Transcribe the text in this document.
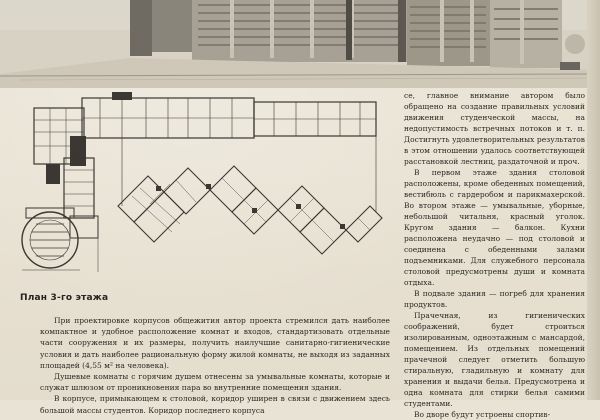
План 3-го этажа

се, главное внимание автором было обращено на создание правильных условий движения студенческой массы, на недопустимость встречных потоков и т. п. Достигнуть удовлетворительных результатов в этом отношении удалось соответствующей расстановкой лестниц, раздаточной и проч.

В первом этаже здания столовой расположены, кроме обеденных помещений, вестибюль с гардеробом и парикмахерской. Во втором этаже — умывальные, уборные, небольшой читальня, красный уголок. Кругом здания — балкон. Кухни расположена неудачно — под столовой и соединена с обеденными залами подъемниками. Для служебного персонала столовой предусмотрены души и комната отдыха.

В подвале здания — погреб для хранения продуктов.

Прачечная, из гигиенических соображений, будет строиться изолированным, одноэтажным с мансардой, помещением. Из отдельных помещений прачечной следует отметить большую стиральную, гладильную и комнату для хранения и выдачи белья. Предусмотрена и одна комната для стирки белья самими студентами.

Во дворе будут устроены спортив-

При проектировке корпусов общежития автор проекта стремился дать наиболее компактное и удобное расположение комнат и входов, стандартизовать отдельные части сооружения и их размеры, получить наилучшие санитарно-гигиенические условия и дать наиболее рациональную форму жилой комнаты, не выходя из заданных площадей (4,55 м² на человека).

Душевые комнаты с горячим душем отнесены за умывальные комнаты, которые и служат шлюзом от проникновения пара во внутренние помещения здания.

В корпусе, примыкающем к столовой, коридор уширен в связи с движением здесь большой массы студентов. Коридор последнего корпуса
